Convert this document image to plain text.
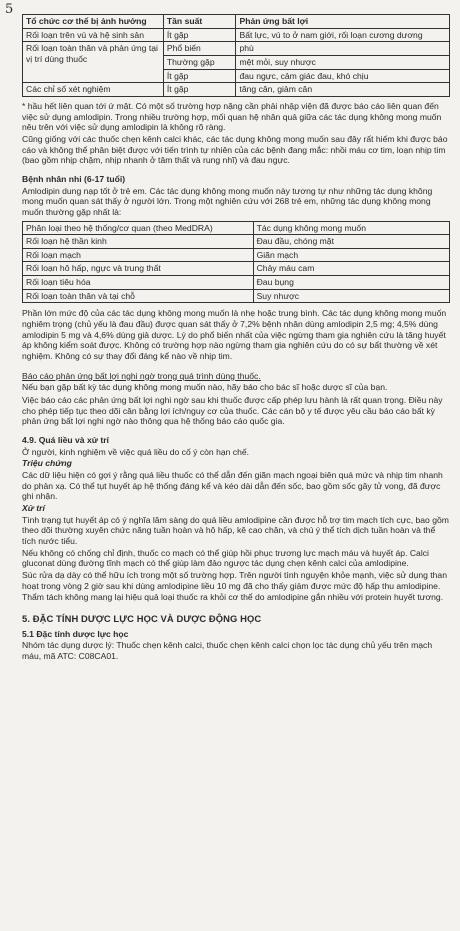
5
Tổ chức cơ thể bị ảnh hưởng	Tần suất	Phản ứng bất lợi
Rối loạn trên vú và hệ sinh sản	Ít gặp	Bất lực, vú to ở nam giới, rối loạn cương dương
Rối loạn toàn thân và phản ứng tại vị trí dùng thuốc	Phổ biến	phù
	Thường gặp	mệt mỏi, suy nhược
	Ít gặp	đau ngực, cảm giác đau, khó chịu
Các chỉ số xét nghiệm	Ít gặp	tăng cân, giảm cân

* hầu hết liên quan tới ứ mật. Có một số trường hợp nặng cần phải nhập viện đã được báo cáo liên quan đến việc sử dụng amlodipin. Trong nhiều trường hợp, mối quan hệ nhân quả giữa các tác dụng không mong muốn nêu trên với việc sử dụng amlodipin là không rõ ràng.

Cũng giống với các thuốc chẹn kênh calci khác, các tác dụng không mong muốn sau đây rất hiếm khi được báo cáo và không thể phân biệt được với tiến trình tự nhiên của các bệnh đang mắc: nhồi máu cơ tim, loạn nhịp tim (bao gồm nhịp chậm, nhịp nhanh ở tâm thất và rung nhĩ) và đau ngực.

Bệnh nhân nhi (6-17 tuổi)

Amlodipin dung nạp tốt ở trẻ em. Các tác dụng không mong muốn này tương tự như những tác dụng không mong muốn quan sát thấy ở người lớn. Trong một nghiên cứu với 268 trẻ em, những tác dụng không mong muốn thường gặp nhất là:

Phân loại theo hệ thống/cơ quan (theo MedDRA)	Tác dụng không mong muốn
Rối loạn hệ thần kinh	Đau đầu, chóng mặt
Rối loạn mạch	Giãn mạch
Rối loạn hô hấp, ngực và trung thất	Chảy máu cam
Rối loạn tiêu hóa	Đau bụng
Rối loạn toàn thân và tại chỗ	Suy nhược

Phần lớn mức độ của các tác dụng không mong muốn là nhẹ hoặc trung bình. Các tác dụng không mong muốn nghiêm trọng (chủ yếu là đau đầu) được quan sát thấy ở 7,2% bệnh nhân dùng amlodipin 2,5 mg; 4,5% dùng amlodipin 5 mg và 4,6% dùng giả dược. Lý do phổ biến nhất của việc ngừng tham gia nghiên cứu là tăng huyết áp không kiểm soát được. Không có trường hợp nào ngừng tham gia nghiên cứu do có sự bất thường về xét nghiệm. Không có sự thay đổi đáng kể nào về nhịp tim.

Báo cáo phản ứng bất lợi nghi ngờ trong quá trình dùng thuốc.

Nếu bạn gặp bất kỳ tác dụng không mong muốn nào, hãy báo cho bác sĩ hoặc dược sĩ của bạn.

Việc báo cáo các phản ứng bất lợi nghi ngờ sau khi thuốc được cấp phép lưu hành là rất quan trọng. Điều này cho phép tiếp tục theo dõi cân bằng lợi ích/nguy cơ của thuốc. Các cán bộ y tế được yêu cầu báo cáo bất kỳ phản ứng bất lợi nghi ngờ nào thông qua hệ thống báo cáo quốc gia.

4.9. Quá liều và xử trí

Ở người, kinh nghiệm về việc quá liều do cố ý còn hạn chế.

Triệu chứng

Các dữ liệu hiện có gợi ý rằng quá liều thuốc có thể dẫn đến giãn mạch ngoại biên quá mức và nhịp tim nhanh do phản xạ. Có thể tụt huyết áp hệ thống đáng kể và kéo dài dẫn đến sốc, bao gồm sốc gây tử vong, đã được ghi nhận.

Xử trí

Tình trạng tụt huyết áp có ý nghĩa lâm sàng do quá liều amlodipine cần được hỗ trợ tim mạch tích cực, bao gồm theo dõi thường xuyên chức năng tuần hoàn và hô hấp, kê cao chân, và chú ý thể tích dịch tuần hoàn và thể tích nước tiểu.

Nếu không có chống chỉ định, thuốc co mạch có thể giúp hồi phục trương lực mạch máu và huyết áp. Calci gluconat dùng đường tĩnh mạch có thể giúp làm đảo ngược tác dụng chẹn kênh calci của amlodipine.

Súc rửa dạ dày có thể hữu ích trong một số trường hợp. Trên người tình nguyện khỏe mạnh, việc sử dụng than hoạt trong vòng 2 giờ sau khi dùng amlodipine liều 10 mg đã cho thấy giảm được mức độ hấp thu amlodipine.

Thẩm tách không mang lại hiệu quả loại thuốc ra khỏi cơ thể do amlodipine gắn nhiều với protein huyết tương.

5. ĐẶC TÍNH DƯỢC LỰC HỌC VÀ DƯỢC ĐỘNG HỌC

5.1 Đặc tính dược lực học

Nhóm tác dụng dược lý: Thuốc chẹn kênh calci, thuốc chẹn kênh calci chọn lọc tác dụng chủ yếu trên mạch máu, mã ATC: C08CA01.
